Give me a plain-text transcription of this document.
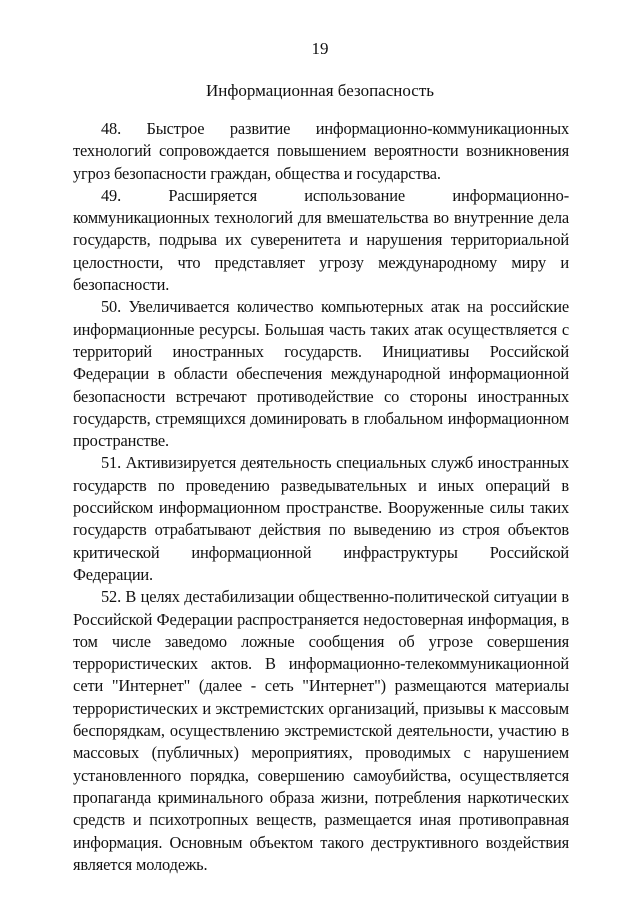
19
Информационная безопасность

48. Быстрое развитие информационно-коммуникационных технологий сопровождается повышением вероятности возникновения угроз безопасности граждан, общества и государства.

49. Расширяется использование информационно-коммуникационных технологий для вмешательства во внутренние дела государств, подрыва их суверенитета и нарушения территориальной целостности, что представляет угрозу международному миру и безопасности.

50. Увеличивается количество компьютерных атак на российские информационные ресурсы. Большая часть таких атак осуществляется с территорий иностранных государств. Инициативы Российской Федерации в области обеспечения международной информационной безопасности встречают противодействие со стороны иностранных государств, стремящихся доминировать в глобальном информационном пространстве.

51. Активизируется деятельность специальных служб иностранных государств по проведению разведывательных и иных операций в российском информационном пространстве. Вооруженные силы таких государств отрабатывают действия по выведению из строя объектов критической информационной инфраструктуры Российской Федерации.

52. В целях дестабилизации общественно-политической ситуации в Российской Федерации распространяется недостоверная информация, в том числе заведомо ложные сообщения об угрозе совершения террористических актов. В информационно-телекоммуникационной сети "Интернет" (далее - сеть "Интернет") размещаются материалы террористических и экстремистских организаций, призывы к массовым беспорядкам, осуществлению экстремистской деятельности, участию в массовых (публичных) мероприятиях, проводимых с нарушением установленного порядка, совершению самоубийства, осуществляется пропаганда криминального образа жизни, потребления наркотических средств и психотропных веществ, размещается иная противоправная информация. Основным объектом такого деструктивного воздействия является молодежь.
